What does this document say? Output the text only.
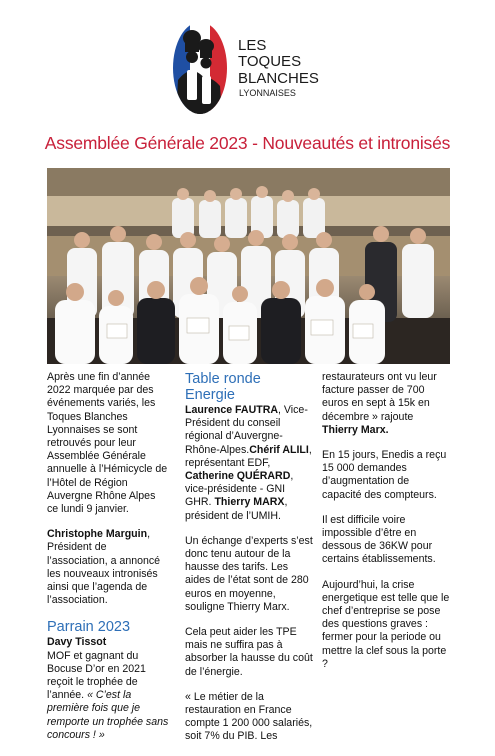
LES
TOQUES
BLANCHES
LYONNAISES
Assemblée Générale 2023 - Nouveautés et intronisés

Après une fin d’année 2022 marquée par des événements variés, les Toques Blanches Lyonnaises se sont retrouvés pour leur Assemblée Générale annuelle à l’Hémicycle de l’Hôtel de Région Auvergne Rhône Alpes ce lundi 9 janvier.

Christophe Marguin, Président de l’association, a annoncé les nouveaux intronisés ainsi que l’agenda de l’association.

Parrain 2023
Davy Tissot
MOF et gagnant du Bocuse D’or en 2021 reçoit le trophée de l’année. « C’est la première fois que je remporte un trophée sans concours ! »
Table ronde Energie

Laurence FAUTRA, Vice-Président du conseil régional d’Auvergne-Rhône-Alpes.Chérif ALILI, représentant EDF, Catherine QUÉRARD, vice-présidente - GNI GHR. Thierry MARX, président de l’UMIH.

Un échange d’experts s’est donc tenu autour de la hausse des tarifs. Les aides de l’état sont de 280 euros en moyenne, souligne Thierry Marx.

Cela peut aider les TPE mais ne suffira pas à absorber la hausse du coût de l’énergie.

« Le métier de la restauration en France compte 1 200 000 salariés, soit 7% du PIB. Les

restaurateurs ont vu leur facture passer de 700 euros en sept à 15k en décembre » rajoute Thierry Marx.

En 15 jours, Enedis a reçu 15 000 demandes d’augmentation de capacité des compteurs.

Il est difficile voire impossible d’être en dessous de 36KW pour certains établissements.

Aujourd’hui, la crise energetique est telle que le chef d’entreprise se pose des questions graves : fermer pour la periode ou mettre la clef sous la porte ?
